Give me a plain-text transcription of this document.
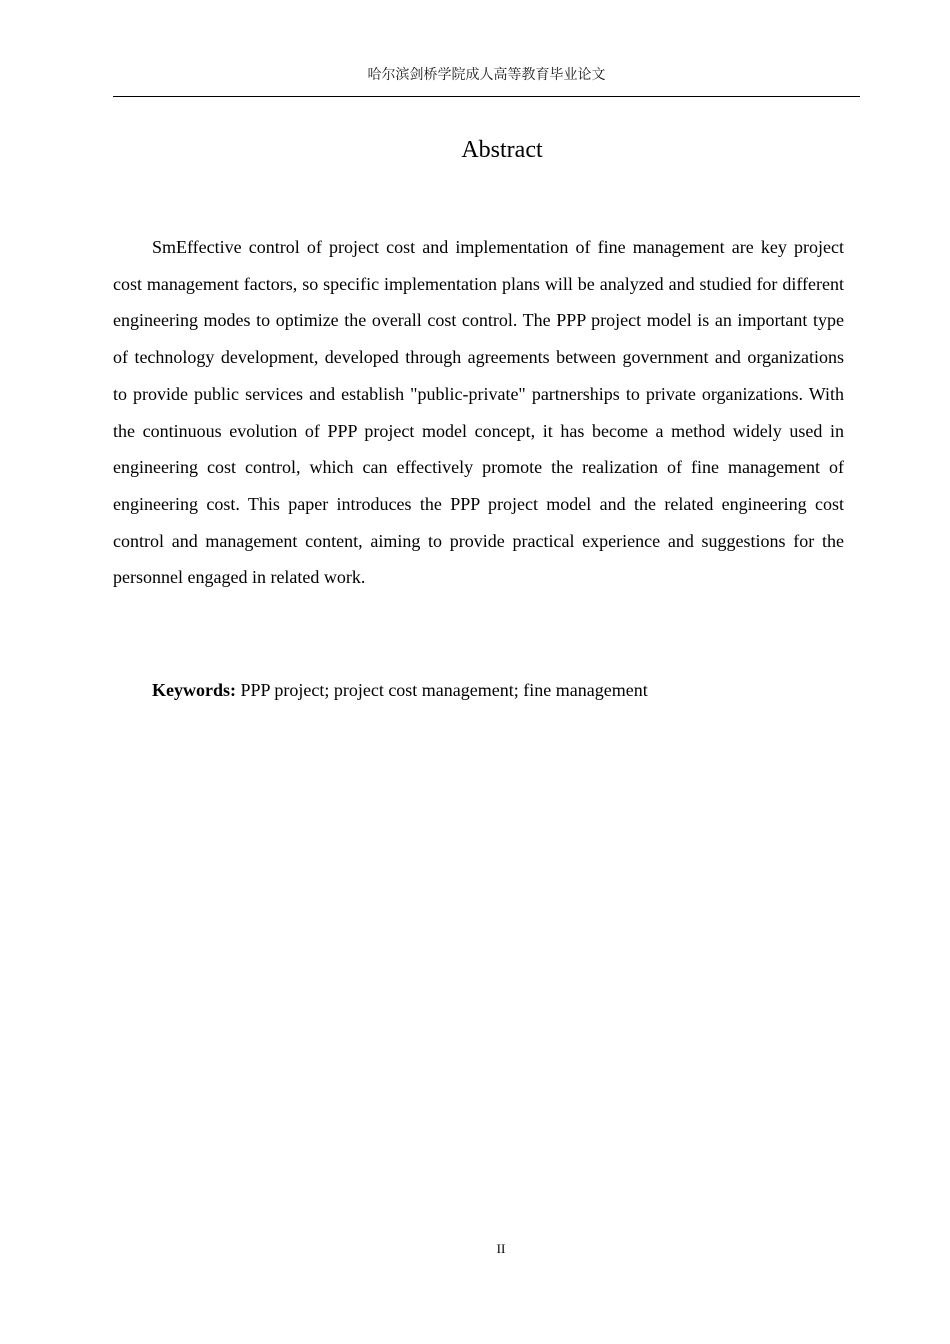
哈尔滨剑桥学院成人高等教育毕业论文
Abstract

SmEffective control of project cost and implementation of fine management are key project cost management factors, so specific implementation plans will be analyzed and studied for different engineering modes to optimize the overall cost control. The PPP project model is an important type of technology development, developed through agreements between government and organizations to provide public services and establish "public-private" partnerships to private organizations. With the continuous evolution of PPP project model concept, it has become a method widely used in engineering cost control, which can effectively promote the realization of fine management of engineering cost. This paper introduces the PPP project model and the related engineering cost control and management content, aiming to provide practical experience and suggestions for the personnel engaged in related work.

Keywords: PPP project; project cost management; fine management
II
